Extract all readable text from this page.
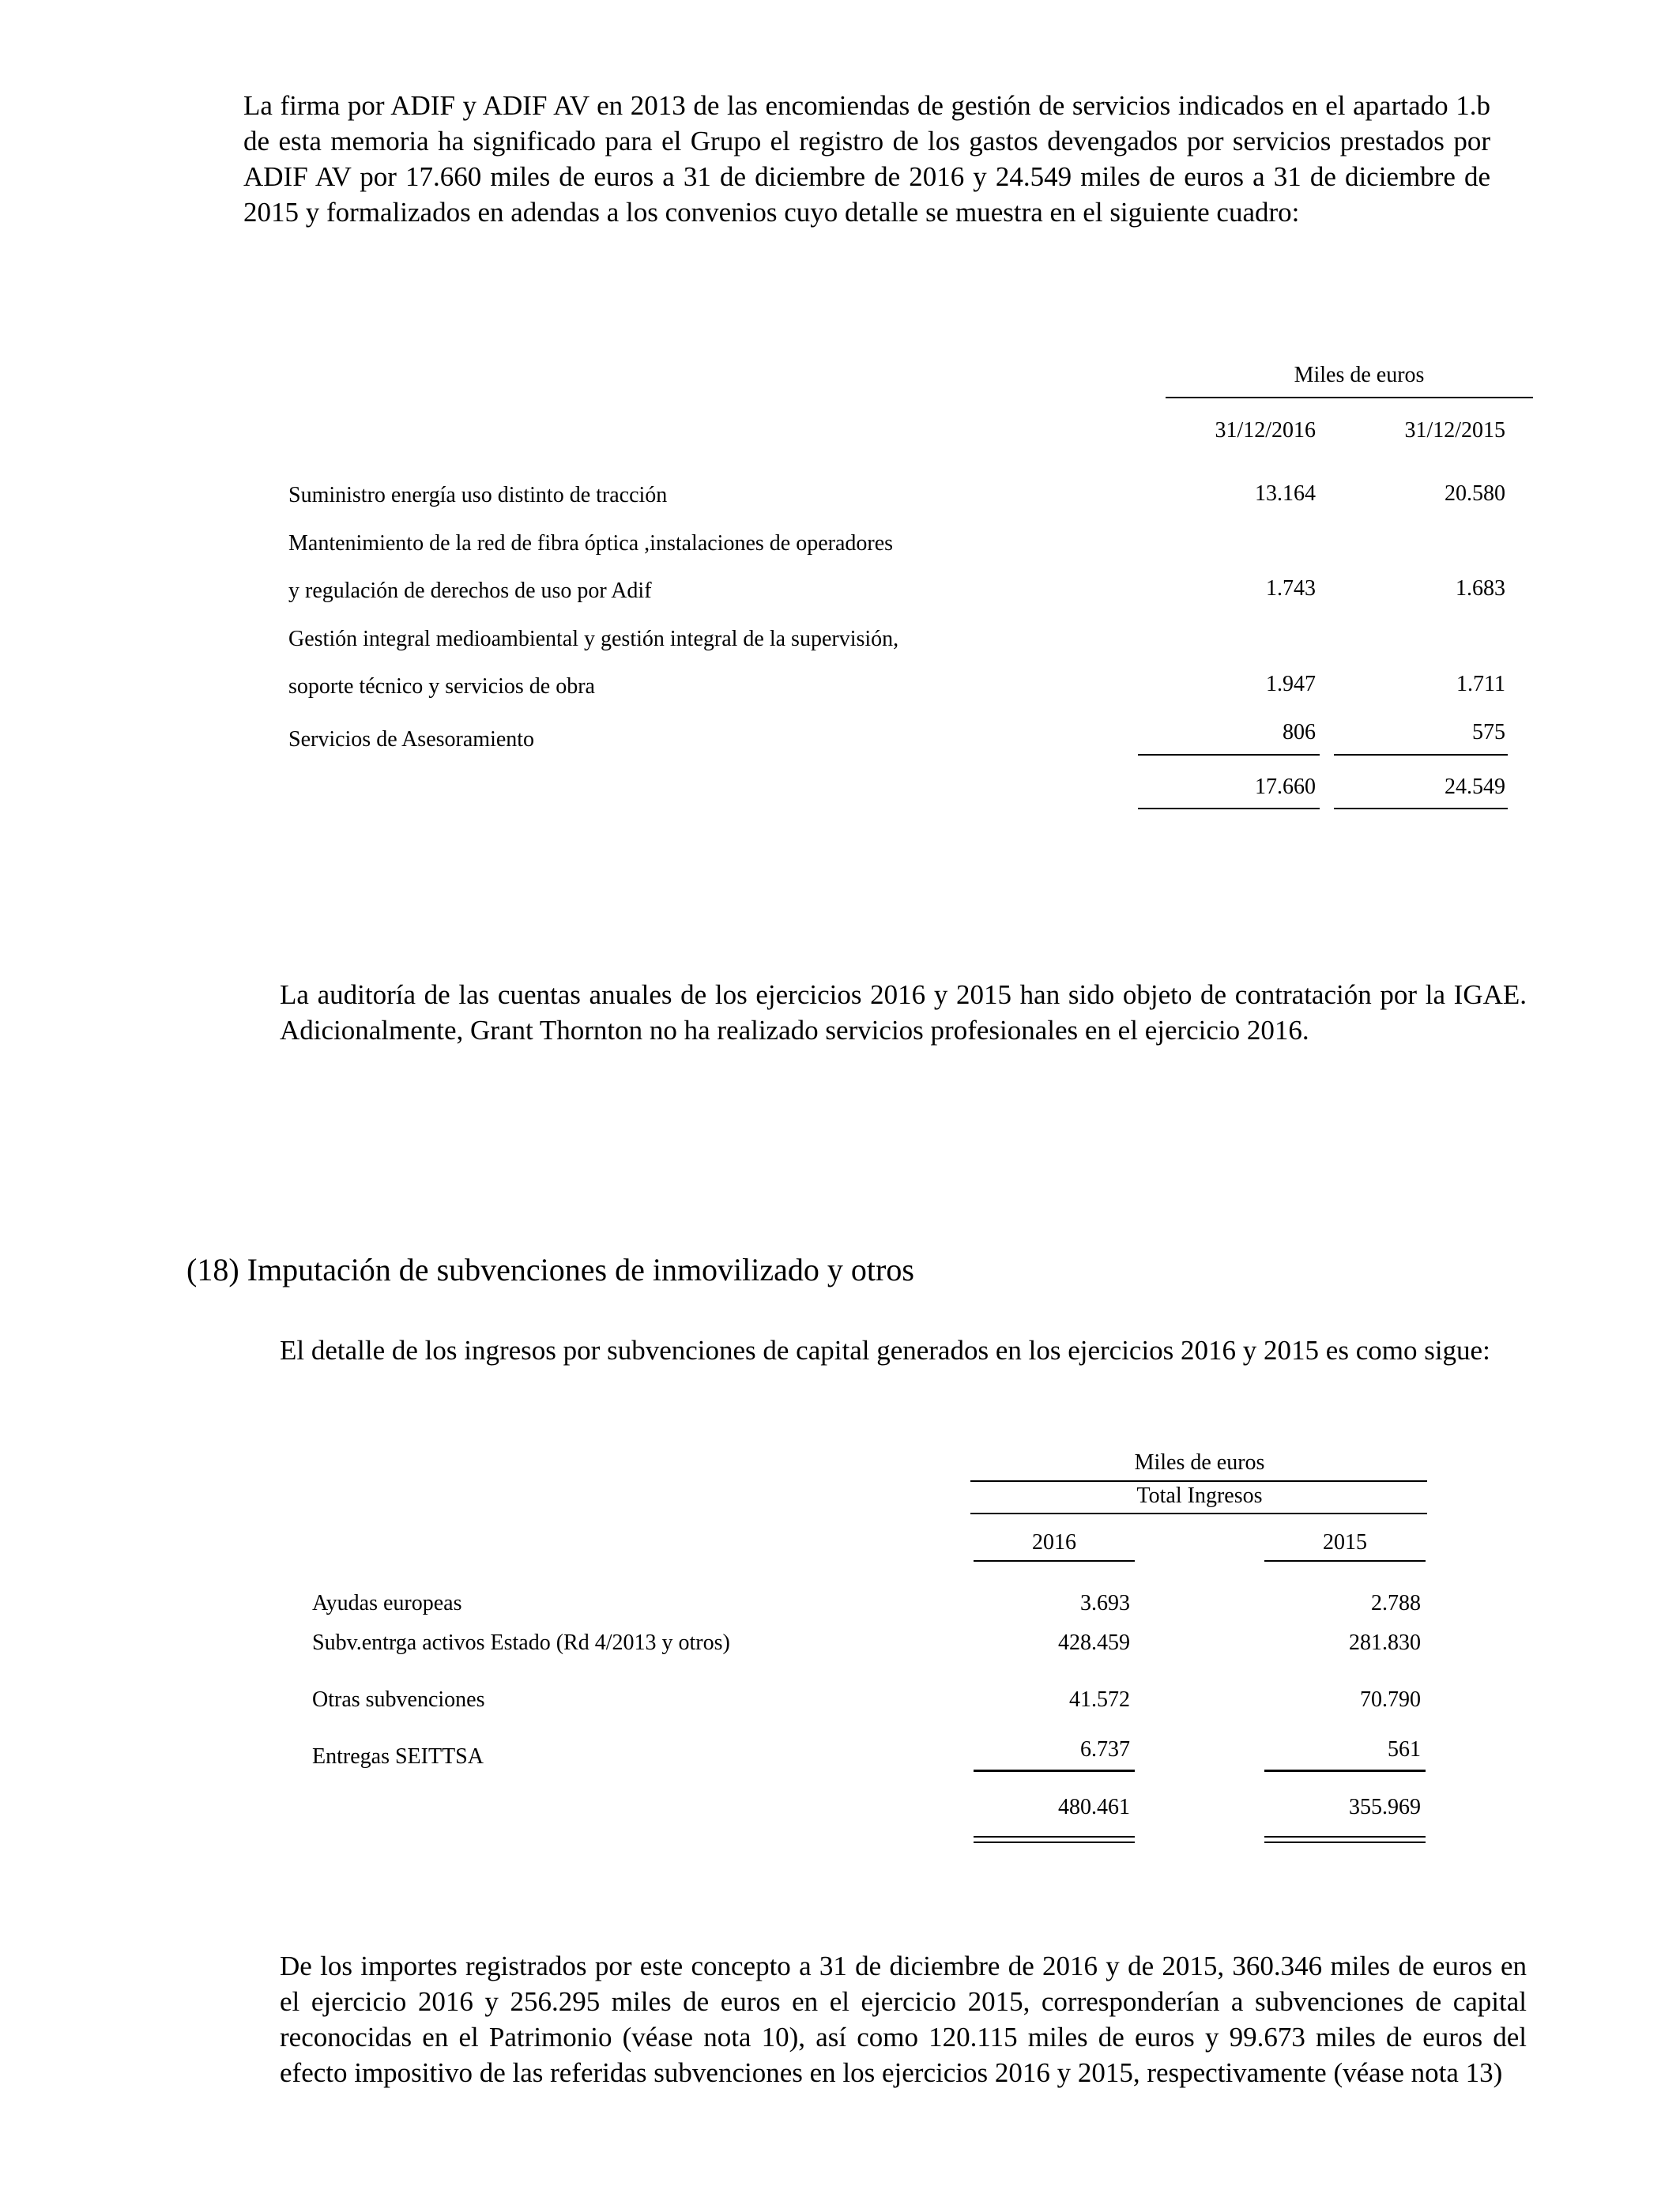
La firma por ADIF y ADIF AV en 2013 de las encomiendas de gestión de servicios indicados en el apartado 1.b de esta memoria ha significado para el Grupo el registro de los gastos devengados por servicios prestados por ADIF AV por 17.660 miles de euros a 31 de diciembre de 2016 y 24.549 miles de euros a 31 de diciembre de 2015 y formalizados en adendas a los convenios cuyo detalle se muestra en el siguiente cuadro:

Miles de euros
31/12/2016	31/12/2015
Suministro energía uso distinto de tracción	13.164	20.580
Mantenimiento de la red de fibra óptica ,instalaciones de operadores
y regulación de derechos de uso por Adif	1.743	1.683
Gestión integral medioambiental y gestión integral de la supervisión,
soporte técnico y servicios de obra	1.947	1.711
Servicios de Asesoramiento	806	575
17.660	24.549

La auditoría de las cuentas anuales de los ejercicios 2016 y 2015 han sido objeto de contratación por la IGAE. Adicionalmente, Grant Thornton no ha realizado servicios profesionales en el ejercicio 2016.

(18) Imputación de subvenciones de inmovilizado y otros

El detalle de los ingresos por subvenciones de capital generados en los ejercicios 2016 y 2015 es como sigue:

Miles de euros
Total Ingresos
2016	2015
Ayudas europeas	3.693	2.788
Subv.entrga activos Estado (Rd 4/2013 y otros)	428.459	281.830
Otras subvenciones	41.572	70.790
Entregas SEITTSA	6.737	561
480.461	355.969

De los importes registrados por este concepto a 31 de diciembre de 2016 y de 2015, 360.346 miles de euros en el ejercicio 2016 y 256.295 miles de euros en el ejercicio 2015, corresponderían a subvenciones de capital reconocidas en el Patrimonio (véase nota 10), así como 120.115 miles de euros y 99.673 miles de euros del efecto impositivo de las referidas subvenciones en los ejercicios 2016 y 2015, respectivamente (véase nota 13)
